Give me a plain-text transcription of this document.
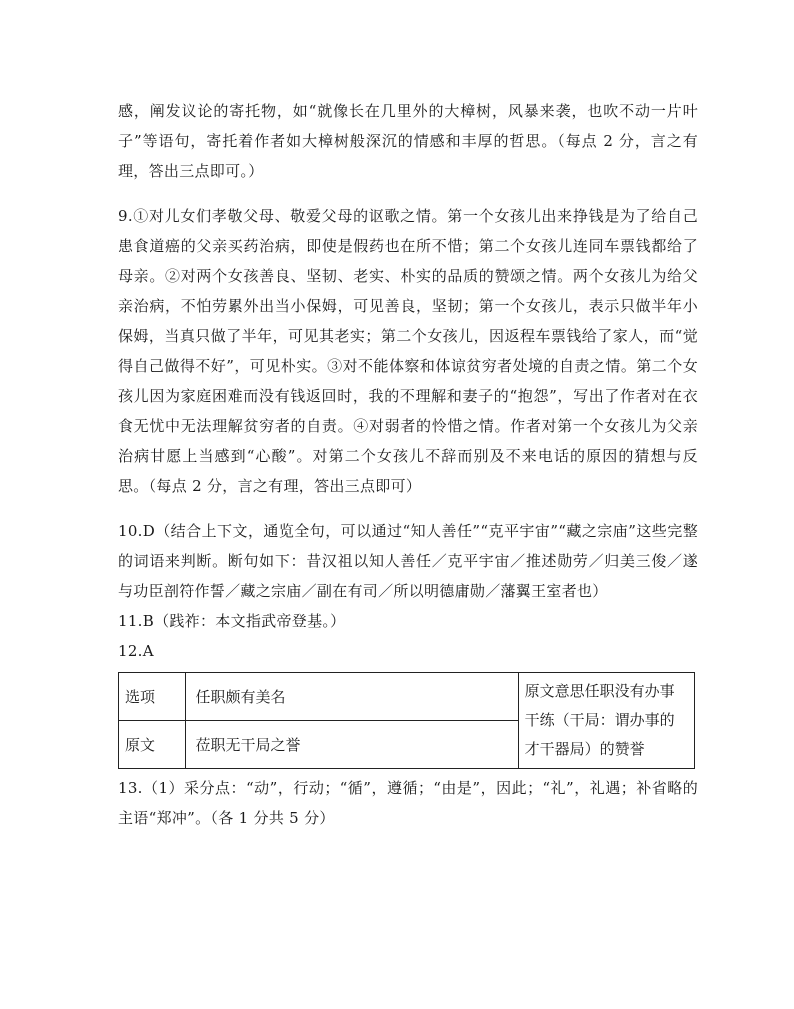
感，阐发议论的寄托物，如“就像长在几里外的大樟树，风暴来袭，也吹不动一片叶子”等语句，寄托着作者如大樟树般深沉的情感和丰厚的哲思。（每点 2 分，言之有理，答出三点即可。）

9.①对儿女们孝敬父母、敬爱父母的讴歌之情。第一个女孩儿出来挣钱是为了给自己患食道癌的父亲买药治病，即使是假药也在所不惜；第二个女孩儿连同车票钱都给了母亲。②对两个女孩善良、坚韧、老实、朴实的品质的赞颂之情。两个女孩儿为给父亲治病，不怕劳累外出当小保姆，可见善良，坚韧；第一个女孩儿，表示只做半年小保姆，当真只做了半年，可见其老实；第二个女孩儿，因返程车票钱给了家人，而“觉得自己做得不好”，可见朴实。③对不能体察和体谅贫穷者处境的自责之情。第二个女孩儿因为家庭困难而没有钱返回时，我的不理解和妻子的“抱怨”，写出了作者对在衣食无忧中无法理解贫穷者的自责。④对弱者的怜惜之情。作者对第一个女孩儿为父亲治病甘愿上当感到“心酸”。对第二个女孩儿不辞而别及不来电话的原因的猜想与反思。（每点 2 分，言之有理，答出三点即可）

10.D（结合上下文，通览全句，可以通过“知人善任”“克平宇宙”“藏之宗庙”这些完整的词语来判断。断句如下：昔汉祖以知人善任／克平宇宙／推述勋劳／归美三俊／遂与功臣剖符作誓／藏之宗庙／副在有司／所以明德庸勋／藩翼王室者也）

11.B（践祚：本文指武帝登基。）

12.A

选项	任职颇有美名	原文意思任职没有办事干练（干局：谓办事的才干器局）的赞誉
原文	莅职无干局之誉	

13.（1）采分点：“动”，行动；“循”，遵循；“由是”，因此；“礼”，礼遇；补省略的主语“郑冲”。（各 1 分共 5 分）
